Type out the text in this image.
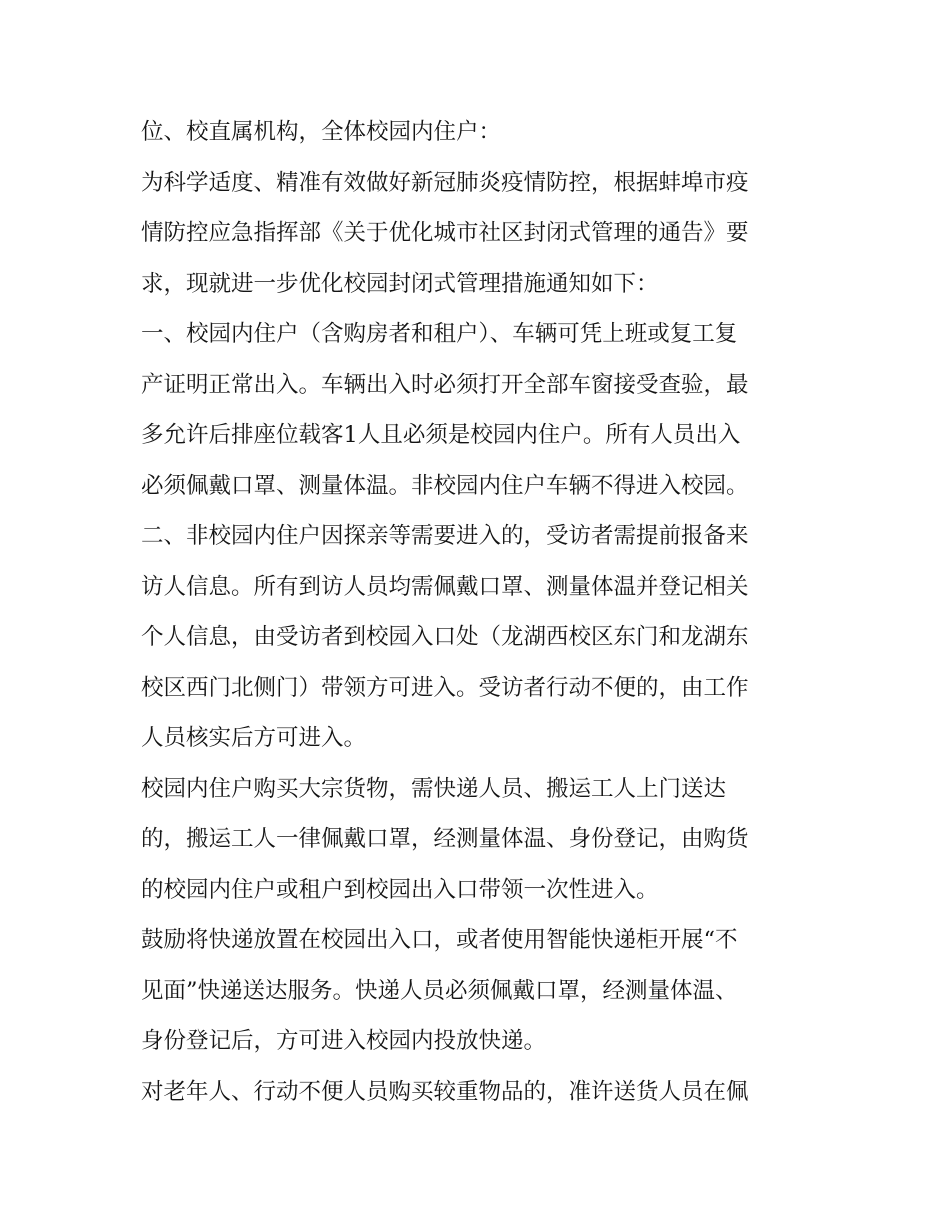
位、校直属机构，全体校园内住户：
为科学适度、精准有效做好新冠肺炎疫情防控，根据蚌埠市疫
情防控应急指挥部《关于优化城市社区封闭式管理的通告》要
求，现就进一步优化校园封闭式管理措施通知如下：
一、校园内住户（含购房者和租户）、车辆可凭上班或复工复
产证明正常出入。车辆出入时必须打开全部车窗接受查验，最
多允许后排座位载客1人且必须是校园内住户。所有人员出入
必须佩戴口罩、测量体温。非校园内住户车辆不得进入校园。
二、非校园内住户因探亲等需要进入的，受访者需提前报备来
访人信息。所有到访人员均需佩戴口罩、测量体温并登记相关
个人信息，由受访者到校园入口处（龙湖西校区东门和龙湖东
校区西门北侧门）带领方可进入。受访者行动不便的，由工作
人员核实后方可进入。
校园内住户购买大宗货物，需快递人员、搬运工人上门送达
的，搬运工人一律佩戴口罩，经测量体温、身份登记，由购货
的校园内住户或租户到校园出入口带领一次性进入。
鼓励将快递放置在校园出入口，或者使用智能快递柜开展“不
见面”快递送达服务。快递人员必须佩戴口罩，经测量体温、
身份登记后，方可进入校园内投放快递。
对老年人、行动不便人员购买较重物品的，准许送货人员在佩
